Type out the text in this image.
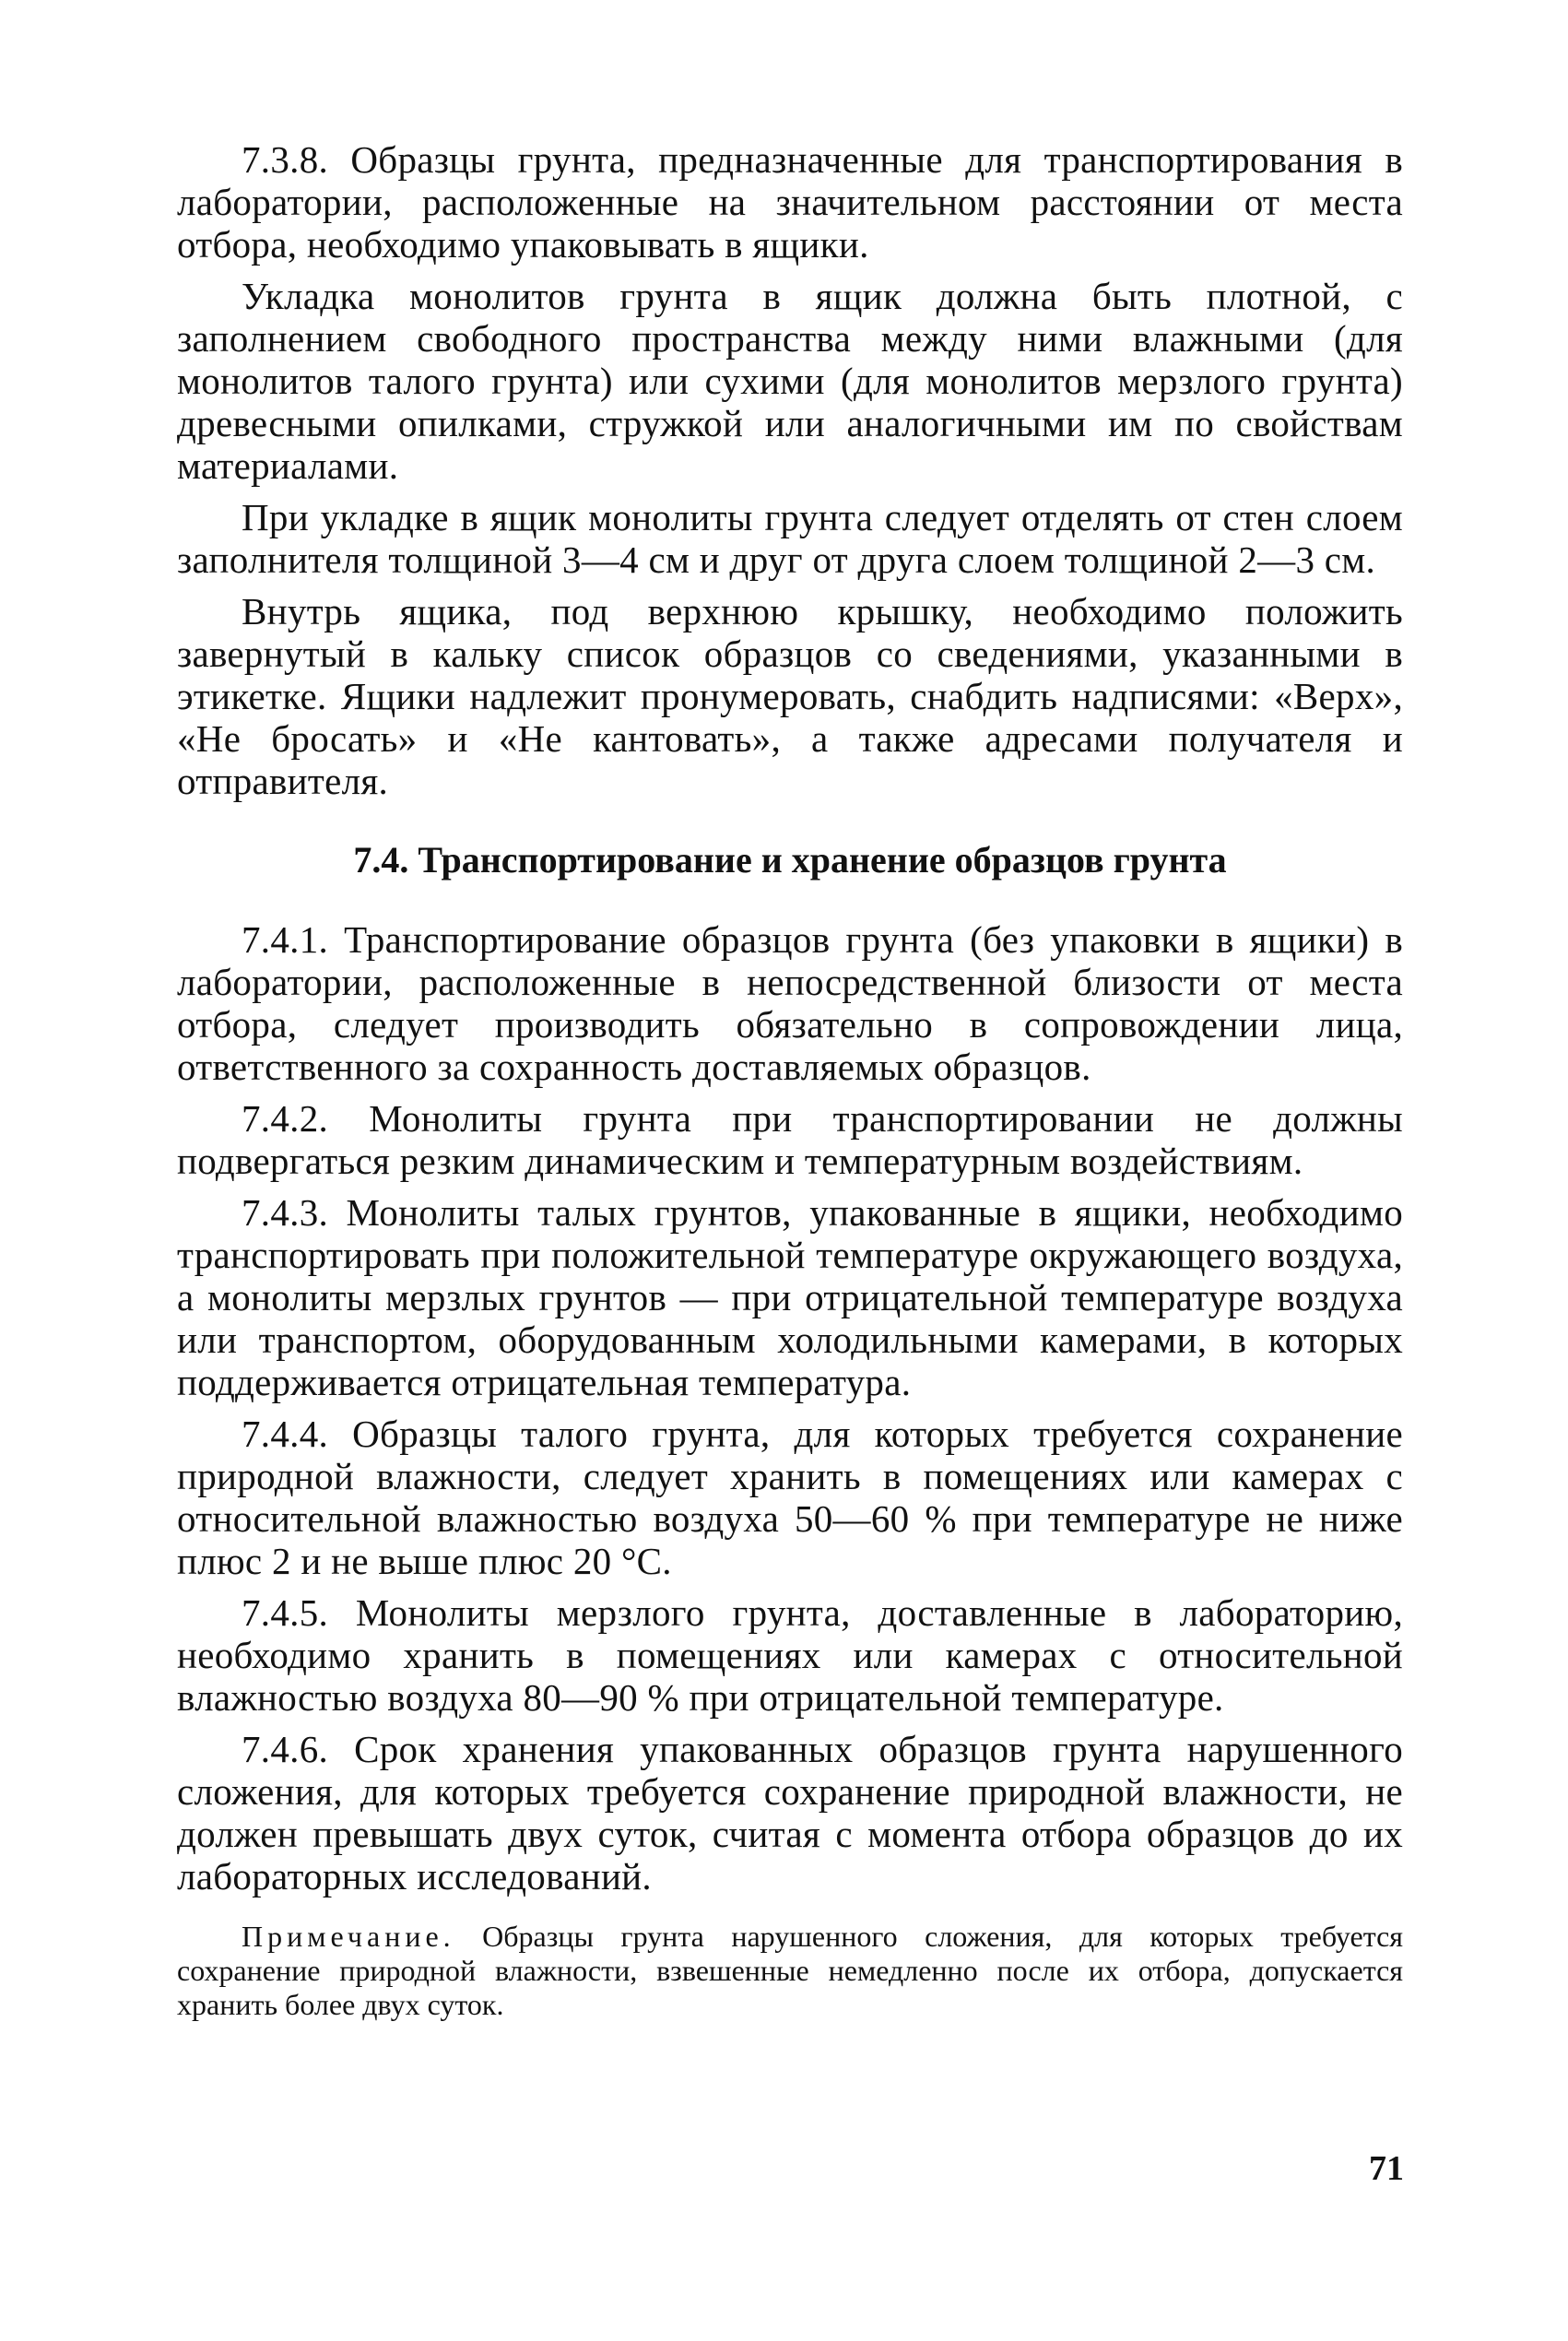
7.3.8. Образцы грунта, предназначенные для транспортирования в лаборатории, расположенные на значительном расстоянии от места отбора, необходимо упаковывать в ящики.

Укладка монолитов грунта в ящик должна быть плотной, с заполнением свободного пространства между ними влажными (для монолитов талого грунта) или сухими (для монолитов мерзлого грунта) древесными опилками, стружкой или аналогичными им по свойствам материалами.

При укладке в ящик монолиты грунта следует отделять от стен слоем заполнителя толщиной 3—4 см и друг от друга слоем толщиной 2—3 см.

Внутрь ящика, под верхнюю крышку, необходимо положить завернутый в кальку список образцов со сведениями, указанными в этикетке. Ящики надлежит пронумеровать, снабдить надписями: «Верх», «Не бросать» и «Не кантовать», а также адресами получателя и отправителя.

7.4. Транспортирование и хранение образцов грунта

7.4.1. Транспортирование образцов грунта (без упаковки в ящики) в лаборатории, расположенные в непосредственной близости от места отбора, следует производить обязательно в сопровождении лица, ответственного за сохранность доставляемых образцов.

7.4.2. Монолиты грунта при транспортировании не должны подвергаться резким динамическим и температурным воздействиям.

7.4.3. Монолиты талых грунтов, упакованные в ящики, необходимо транспортировать при положительной температуре окружающего воздуха, а монолиты мерзлых грунтов — при отрицательной температуре воздуха или транспортом, оборудованным холодильными камерами, в которых поддерживается отрицательная температура.

7.4.4. Образцы талого грунта, для которых требуется сохранение природной влажности, следует хранить в помещениях или камерах с относительной влажностью воздуха 50—60 % при температуре не ниже плюс 2 и не выше плюс 20 °С.

7.4.5. Монолиты мерзлого грунта, доставленные в лабораторию, необходимо хранить в помещениях или камерах с относительной влажностью воздуха 80—90 % при отрицательной температуре.

7.4.6. Срок хранения упакованных образцов грунта нарушенного сложения, для которых требуется сохранение природной влажности, не должен превышать двух суток, считая с момента отбора образцов до их лабораторных исследований.

Примечание. Образцы грунта нарушенного сложения, для которых требуется сохранение природной влажности, взвешенные немедленно после их отбора, допускается хранить более двух суток.

71
